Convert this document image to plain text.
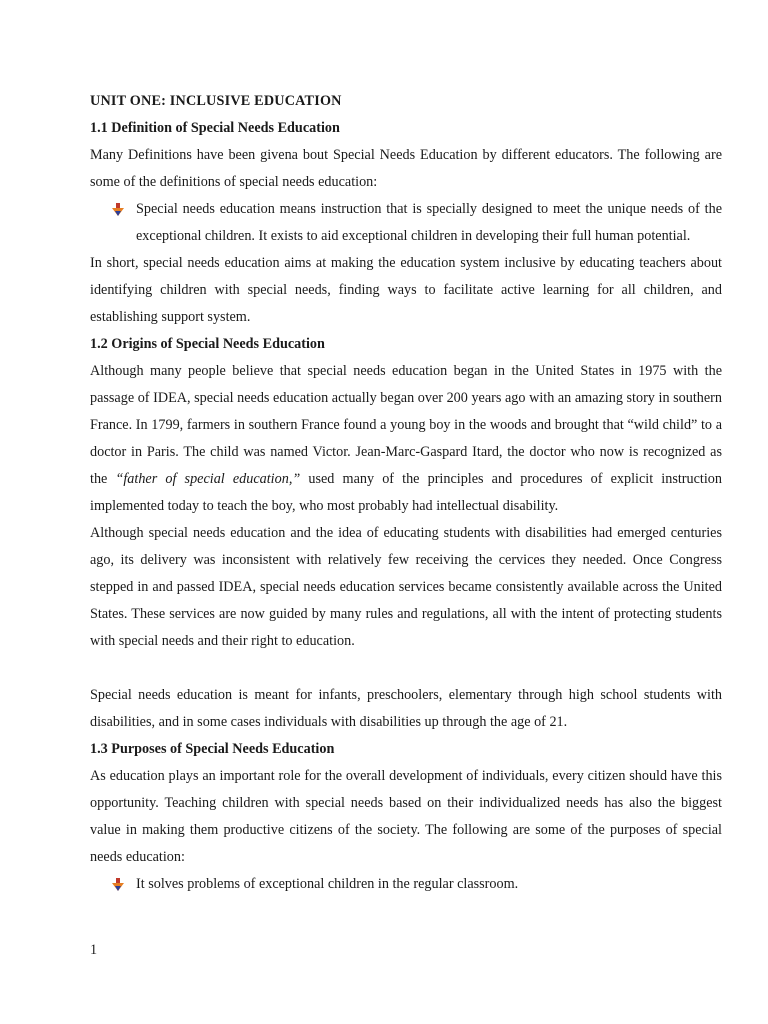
UNIT ONE: INCLUSIVE EDUCATION

1.1 Definition of Special Needs Education

Many Definitions have been givena bout Special Needs Education by different educators. The following are some of the definitions of special needs education:

Special needs education means instruction that is specially designed to meet the unique needs of the exceptional children. It exists to aid exceptional children in developing their full human potential.

In short, special needs education aims at making the education system inclusive by educating teachers about identifying children with special needs, finding ways to facilitate active learning for all children, and establishing support system.

1.2 Origins of Special Needs Education

Although many people believe that special needs education began in the United States in 1975 with the passage of IDEA, special needs education actually began over 200 years ago with an amazing story in southern France. In 1799, farmers in southern France found a young boy in the woods and brought that “wild child” to a doctor in Paris. The child was named Victor. Jean-Marc-Gaspard Itard, the doctor who now is recognized as the “father of special education,” used many of the principles and procedures of explicit instruction implemented today to teach the boy, who most probably had intellectual disability.

Although special needs education and the idea of educating students with disabilities had emerged centuries ago, its delivery was inconsistent with relatively few receiving the cervices they needed. Once Congress stepped in and passed IDEA, special needs education services became consistently available across the United States. These services are now guided by many rules and regulations, all with the intent of protecting students with special needs and their right to education.

Special needs education is meant for infants, preschoolers, elementary through high school students with disabilities, and in some cases individuals with disabilities up through the age of 21.

1.3 Purposes of Special Needs Education

As education plays an important role for the overall development of individuals, every citizen should have this opportunity. Teaching children with special needs based on their individualized needs has also the biggest value in making them productive citizens of the society. The following are some of the purposes of special needs education:

It solves problems of exceptional children in the regular classroom.
1
